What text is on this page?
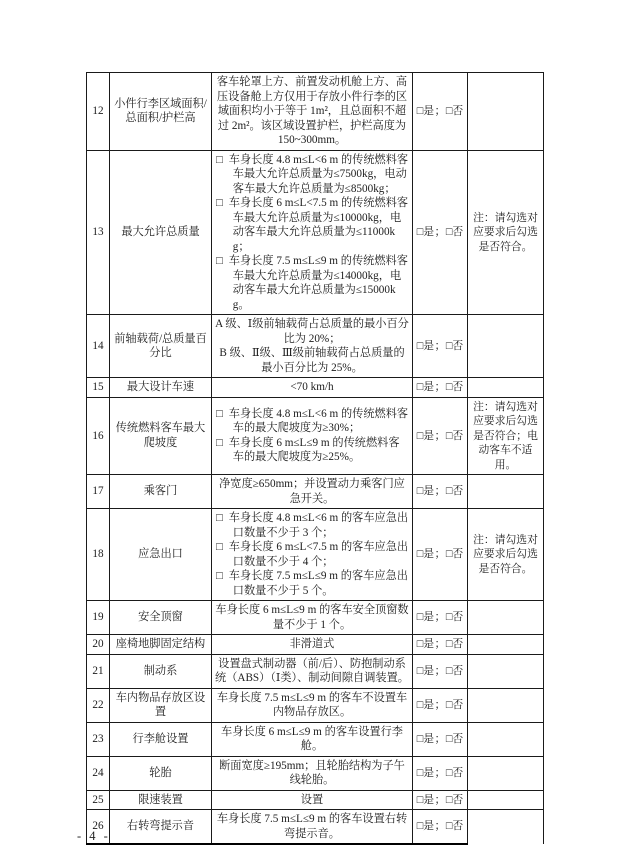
12	小件行李区域面积/总面积/护栏高	客车轮罩上方、前置发动机舱上方、高压设备舱上方仅用于存放小件行李的区域面积均小于等于 1m²，且总面积不超过 2m²。该区域设置护栏，护栏高度为 150~300mm。	□是；□否	
13	最大允许总质量	□ 车身长度 4.8 m≤L<6 m 的传统燃料客车最大允许总质量为≤7500kg，电动客车最大允许总质量为≤8500kg；
□ 车身长度 6 m≤L<7.5 m 的传统燃料客车最大允许总质量为≤10000kg，电动客车最大允许总质量为≤11000kg；
□ 车身长度 7.5 m≤L≤9 m 的传统燃料客车最大允许总质量为≤14000kg，电动客车最大允许总质量为≤15000kg。	□是；□否	注：请勾选对应要求后勾选是否符合。
14	前轴载荷/总质量百分比	A 级、Ⅰ级前轴载荷占总质量的最小百分比为 20%；
B 级、Ⅱ级、Ⅲ级前轴载荷占总质量的最小百分比为 25%。	□是；□否	
15	最大设计车速	<70 km/h	□是；□否	
16	传统燃料客车最大爬坡度	□ 车身长度 4.8 m≤L<6 m 的传统燃料客车的最大爬坡度为≥30%；
□ 车身长度 6 m≤L≤9 m 的传统燃料客车的最大爬坡度为≥25%。	□是；□否	注：请勾选对应要求后勾选是否符合；电动客车不适用。
17	乘客门	净宽度≥650mm；并设置动力乘客门应急开关。	□是；□否	
18	应急出口	□ 车身长度 4.8 m≤L<6 m 的客车应急出口数量不少于 3 个；
□ 车身长度 6 m≤L<7.5 m 的客车应急出口数量不少于 4 个；
□ 车身长度 7.5 m≤L≤9 m 的客车应急出口数量不少于 5 个。	□是；□否	注：请勾选对应要求后勾选是否符合。
19	安全顶窗	车身长度 6 m≤L≤9 m 的客车安全顶窗数量不少于 1 个。	□是；□否	
20	座椅地脚固定结构	非滑道式	□是；□否	
21	制动系	设置盘式制动器（前/后）、防抱制动系统（ABS）（Ⅰ类）、制动间隙自调装置。	□是；□否	
22	车内物品存放区设置	车身长度 7.5 m≤L≤9 m 的客车不设置车内物品存放区。	□是；□否	
23	行李舱设置	车身长度 6 m≤L≤9 m 的客车设置行李舱。	□是；□否	
24	轮胎	断面宽度≥195mm；且轮胎结构为子午线轮胎。	□是；□否	
25	限速装置	设置	□是；□否	
26	右转弯提示音	车身长度 7.5 m≤L≤9 m 的客车设置右转弯提示音。	□是；□否	
- 4 -
